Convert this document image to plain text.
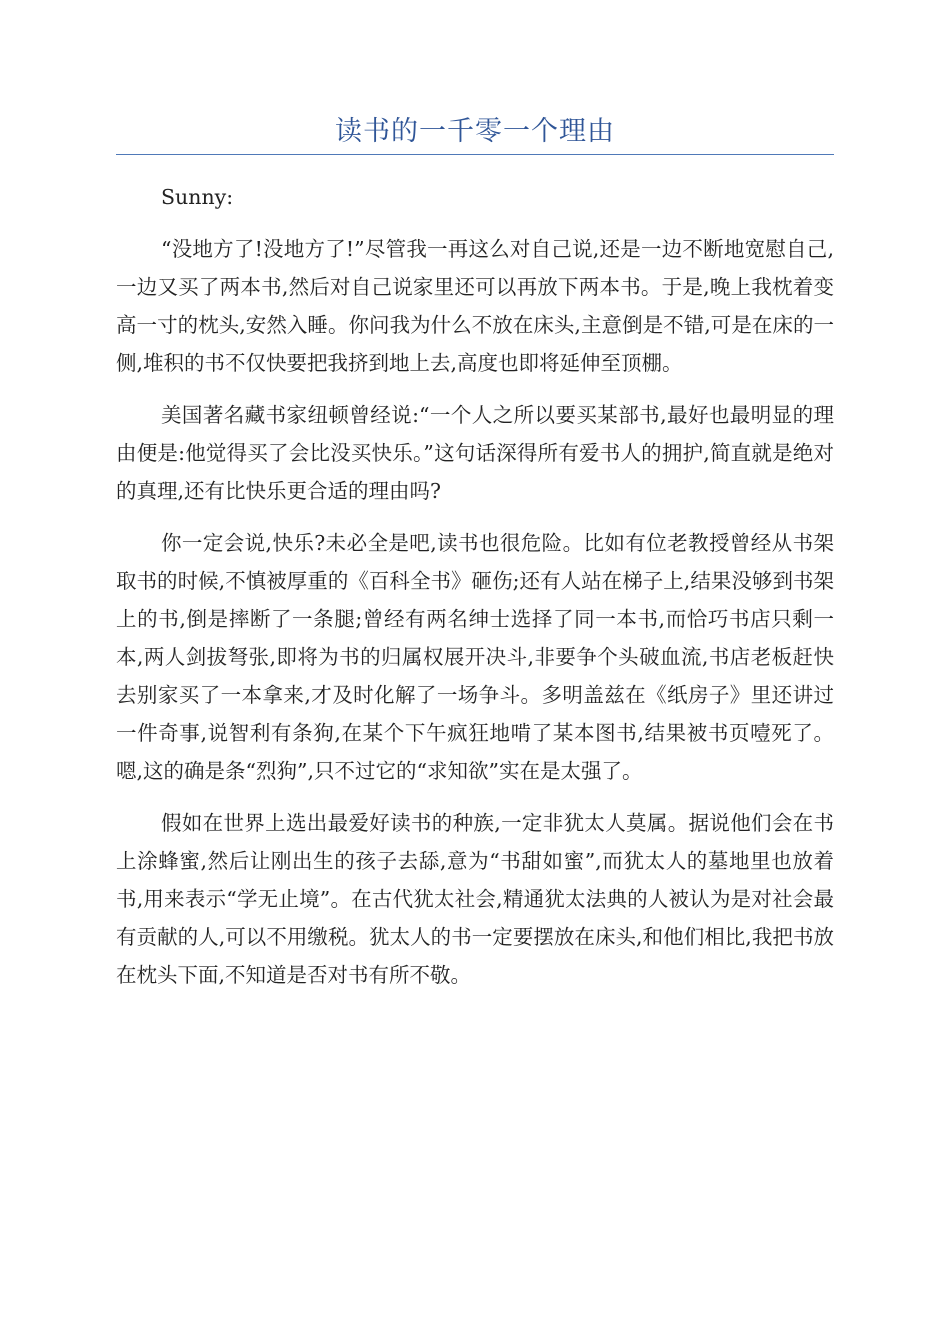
读书的一千零一个理由

Sunny:

“没地方了!没地方了!”尽管我一再这么对自己说,还是一边不断地宽慰自己,一边又买了两本书,然后对自己说家里还可以再放下两本书。于是,晚上我枕着变高一寸的枕头,安然入睡。你问我为什么不放在床头,主意倒是不错,可是在床的一侧,堆积的书不仅快要把我挤到地上去,高度也即将延伸至顶棚。

美国著名藏书家纽顿曾经说:“一个人之所以要买某部书,最好也最明显的理由便是:他觉得买了会比没买快乐。”这句话深得所有爱书人的拥护,简直就是绝对的真理,还有比快乐更合适的理由吗?

你一定会说,快乐?未必全是吧,读书也很危险。比如有位老教授曾经从书架取书的时候,不慎被厚重的《百科全书》砸伤;还有人站在梯子上,结果没够到书架上的书,倒是摔断了一条腿;曾经有两名绅士选择了同一本书,而恰巧书店只剩一本,两人剑拔弩张,即将为书的归属权展开决斗,非要争个头破血流,书店老板赶快去别家买了一本拿来,才及时化解了一场争斗。多明盖兹在《纸房子》里还讲过一件奇事,说智利有条狗,在某个下午疯狂地啃了某本图书,结果被书页噎死了。嗯,这的确是条“烈狗”,只不过它的“求知欲”实在是太强了。

假如在世界上选出最爱好读书的种族,一定非犹太人莫属。据说他们会在书上涂蜂蜜,然后让刚出生的孩子去舔,意为“书甜如蜜”,而犹太人的墓地里也放着书,用来表示“学无止境”。在古代犹太社会,精通犹太法典的人被认为是对社会最有贡献的人,可以不用缴税。犹太人的书一定要摆放在床头,和他们相比,我把书放在枕头下面,不知道是否对书有所不敬。
